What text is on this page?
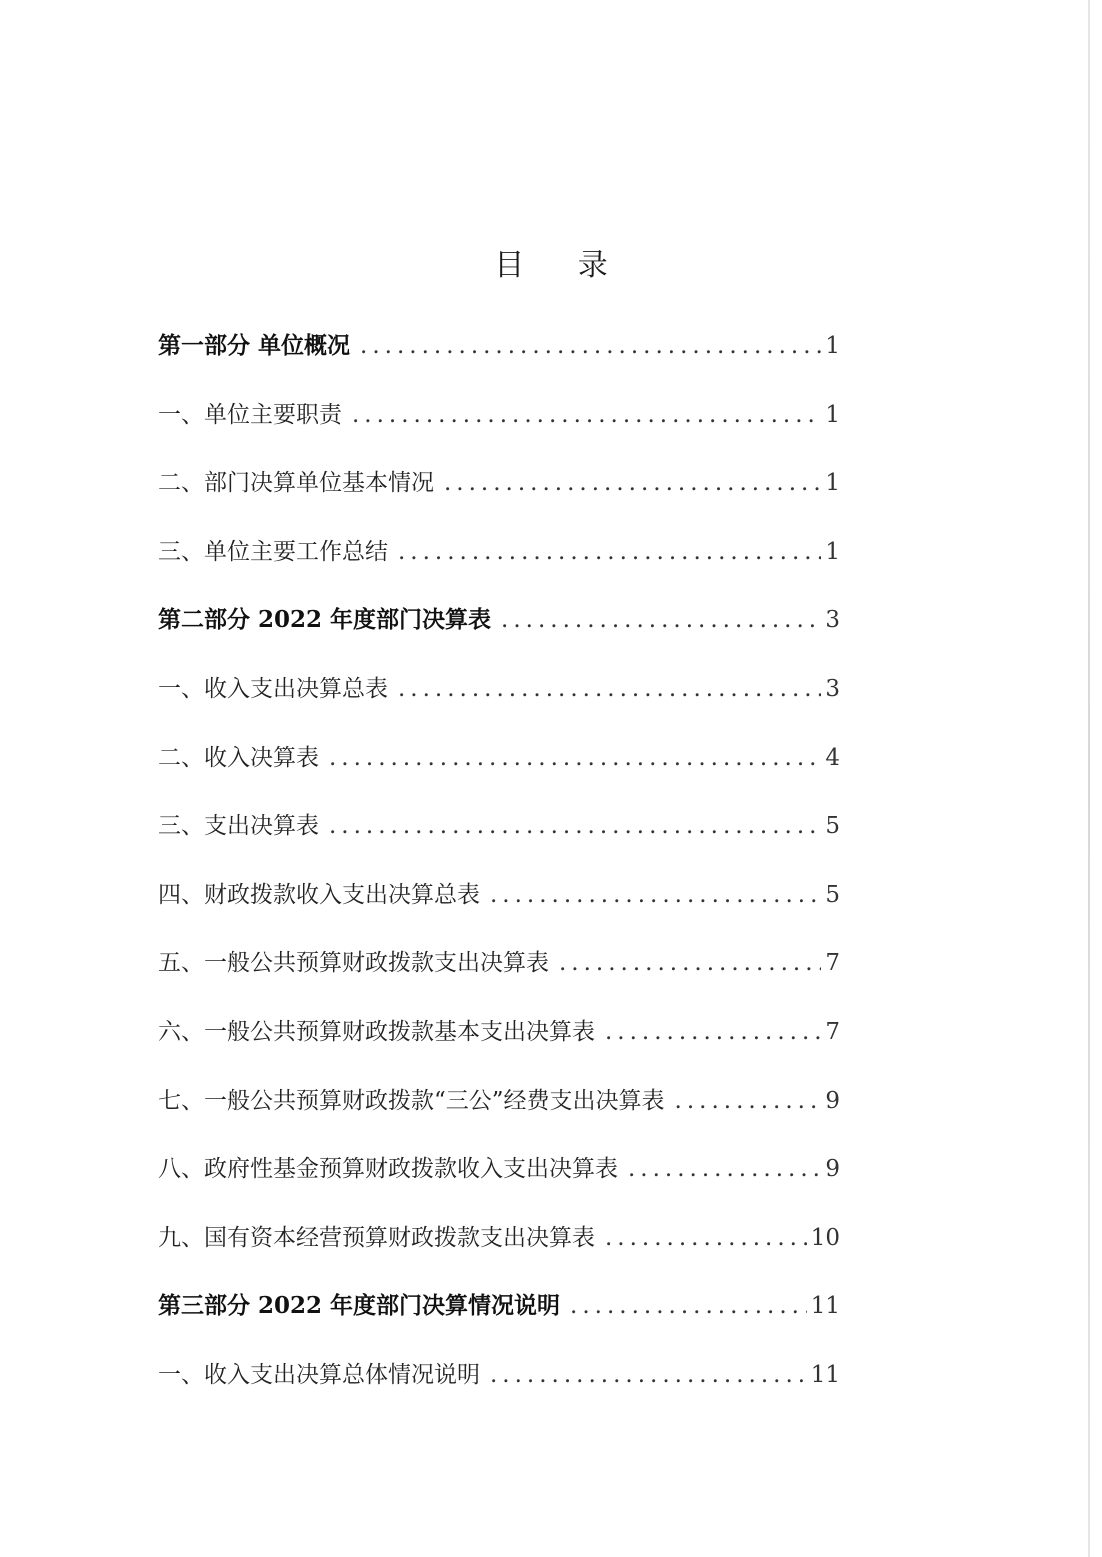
目 录
第一部分 单位概况 .....	1
一、单位主要职责 .....	1
二、部门决算单位基本情况 .....	1
三、单位主要工作总结 .....	1
第二部分 2022 年度部门决算表 .....	3
一、收入支出决算总表 .....	3
二、收入决算表 .....	4
三、支出决算表 .....	5
四、财政拨款收入支出决算总表 .....	5
五、一般公共预算财政拨款支出决算表 .....	7
六、一般公共预算财政拨款基本支出决算表 .....	7
七、一般公共预算财政拨款“三公”经费支出决算表 .....	9
八、政府性基金预算财政拨款收入支出决算表 .....	9
九、国有资本经营预算财政拨款支出决算表 .....	10
第三部分 2022 年度部门决算情况说明 .....	11
一、收入支出决算总体情况说明 .....	11
